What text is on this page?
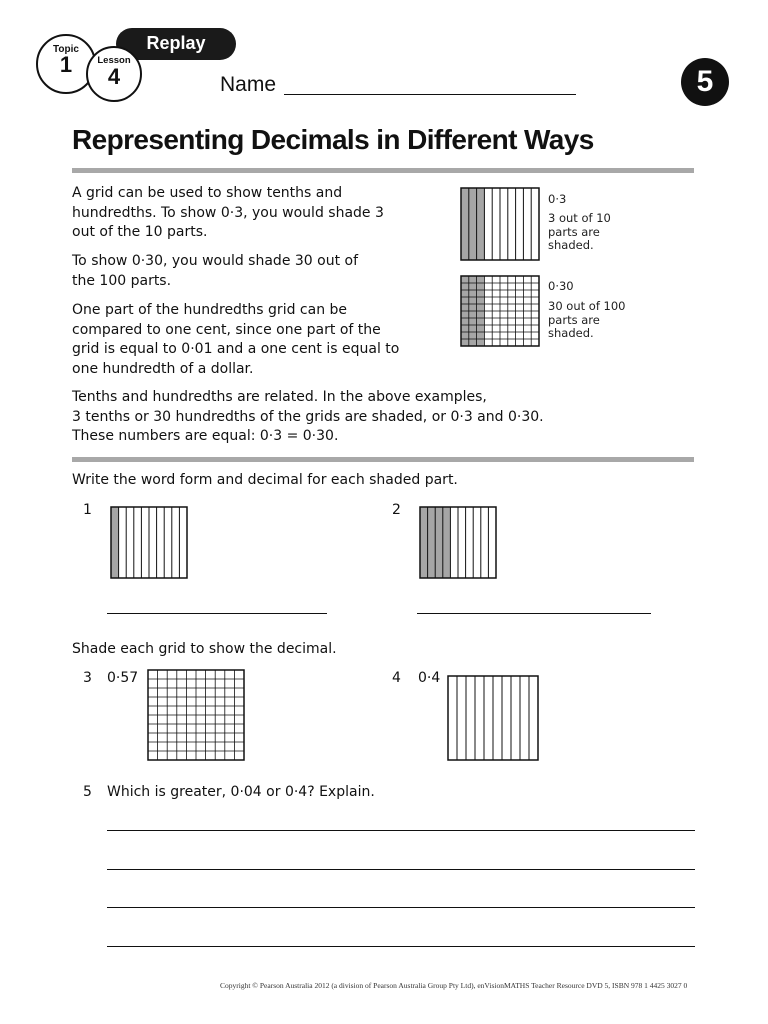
Topic
1
Replay
Lesson
4	Name	5
Representing Decimals in Different Ways

A grid can be used to show tenths and
hundredths. To show 0·3, you would shade 3
out of the 10 parts.

To show 0·30, you would shade 30 out of
the 100 parts.

One part of the hundredths grid can be
compared to one cent, since one part of the
grid is equal to 0·01 and a one cent is equal to
one hundredth of a dollar.

Tenths and hundredths are related. In the above examples,
3 tenths or 30 hundredths of the grids are shaded, or 0·3 and 0·30.
These numbers are equal: 0·3 = 0·30.

0·3

3 out of 10
parts are
shaded.

0·30

30 out of 100
parts are
shaded.

Write the word form and decimal for each shaded part.
1	2
Shade each grid to show the decimal.
3 0·57	4 0·4
5 Which is greater, 0·04 or 0·4? Explain.
Copyright © Pearson Australia 2012 (a division of Pearson Australia Group Pty Ltd), enVisionMATHS Teacher Resource DVD 5, ISBN 978 1 4425 3027 0
